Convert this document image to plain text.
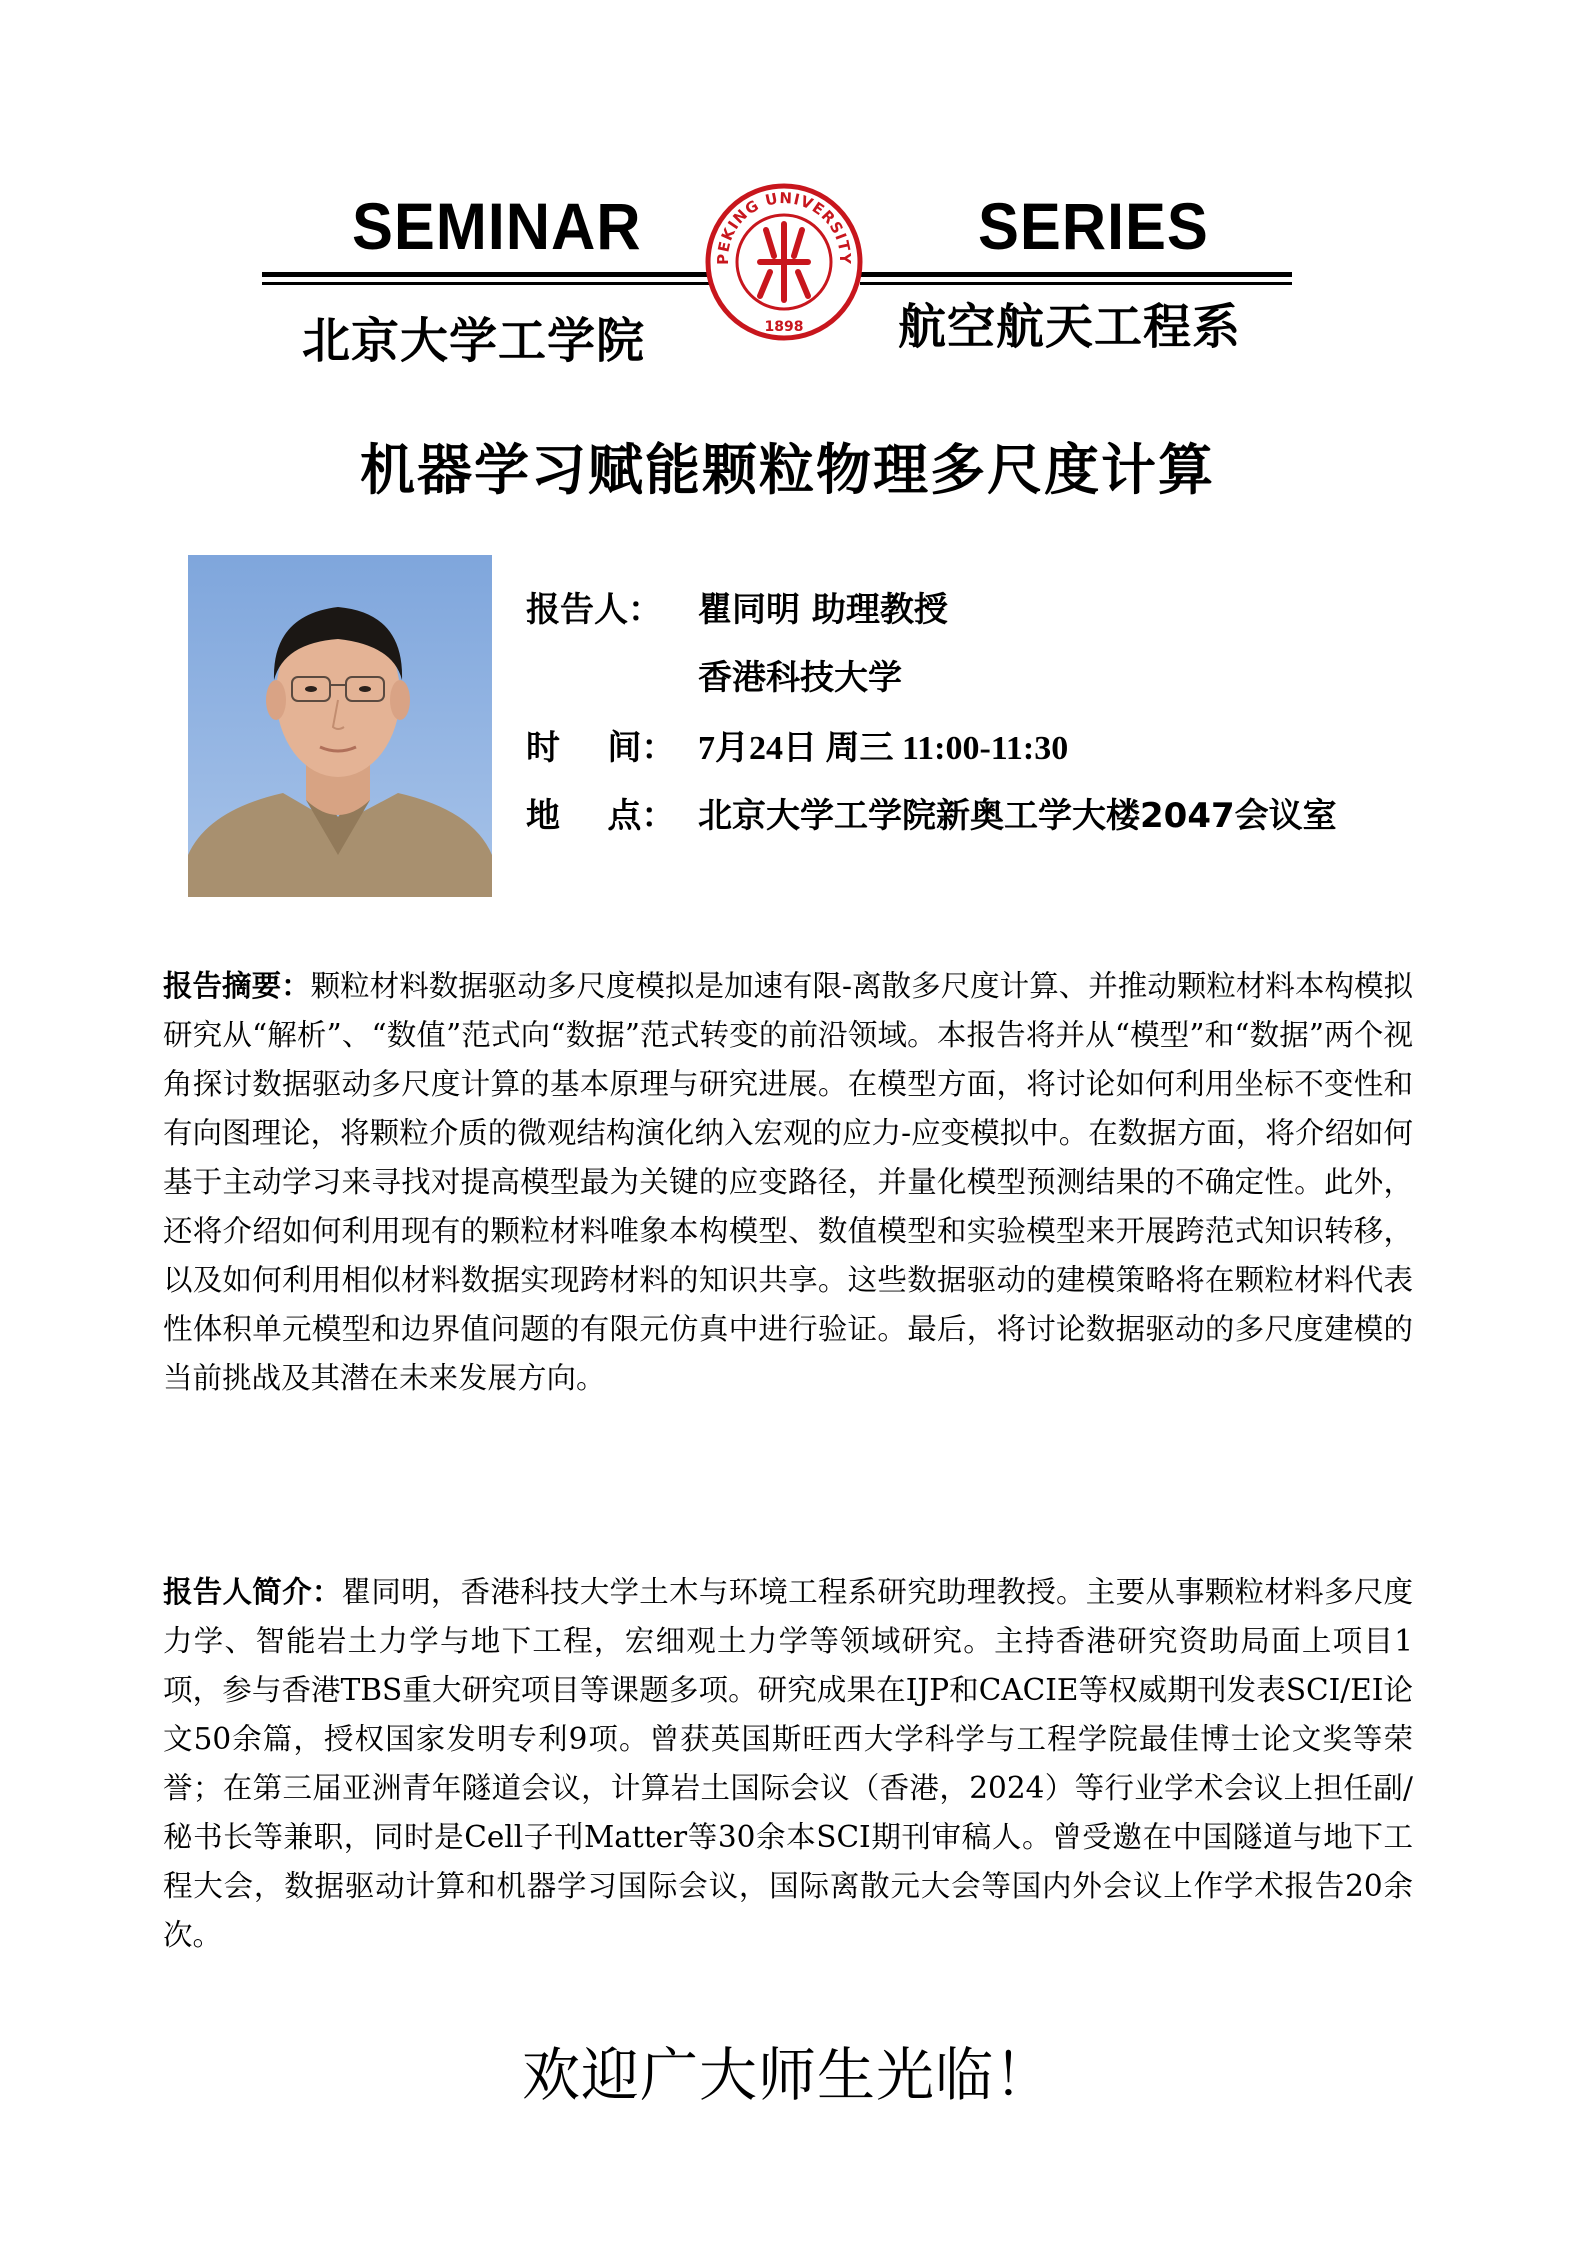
SEMINAR	SERIES
北京大学工学院	航空航天工程系
PEKING UNIVERSITY
1898
机器学习赋能颗粒物理多尺度计算
报告人： 瞿同明 助理教授
香港科技大学
时    间： 7月24日 周三 11:00-11:30
地    点： 北京大学工学院新奥工学大楼2047会议室
报告摘要：颗粒材料数据驱动多尺度模拟是加速有限-离散多尺度计算、并推动颗粒材料本构模拟研究从“解析”、“数值”范式向“数据”范式转变的前沿领域。本报告将并从“模型”和“数据”两个视角探讨数据驱动多尺度计算的基本原理与研究进展。在模型方面，将讨论如何利用坐标不变性和有向图理论，将颗粒介质的微观结构演化纳入宏观的应力-应变模拟中。在数据方面，将介绍如何基于主动学习来寻找对提高模型最为关键的应变路径，并量化模型预测结果的不确定性。此外，还将介绍如何利用现有的颗粒材料唯象本构模型、数值模型和实验模型来开展跨范式知识转移，以及如何利用相似材料数据实现跨材料的知识共享。这些数据驱动的建模策略将在颗粒材料代表性体积单元模型和边界值问题的有限元仿真中进行验证。最后，将讨论数据驱动的多尺度建模的当前挑战及其潜在未来发展方向。
报告人简介：瞿同明，香港科技大学土木与环境工程系研究助理教授。主要从事颗粒材料多尺度力学、智能岩土力学与地下工程，宏细观土力学等领域研究。主持香港研究资助局面上项目1项，参与香港TBS重大研究项目等课题多项。研究成果在IJP和CACIE等权威期刊发表SCI/EI论文50余篇，授权国家发明专利9项。曾获英国斯旺西大学科学与工程学院最佳博士论文奖等荣誉；在第三届亚洲青年隧道会议，计算岩土国际会议（香港，2024）等行业学术会议上担任副/秘书长等兼职，同时是Cell子刊Matter等30余本SCI期刊审稿人。曾受邀在中国隧道与地下工程大会，数据驱动计算和机器学习国际会议，国际离散元大会等国内外会议上作学术报告20余次。
欢迎广大师生光临！
